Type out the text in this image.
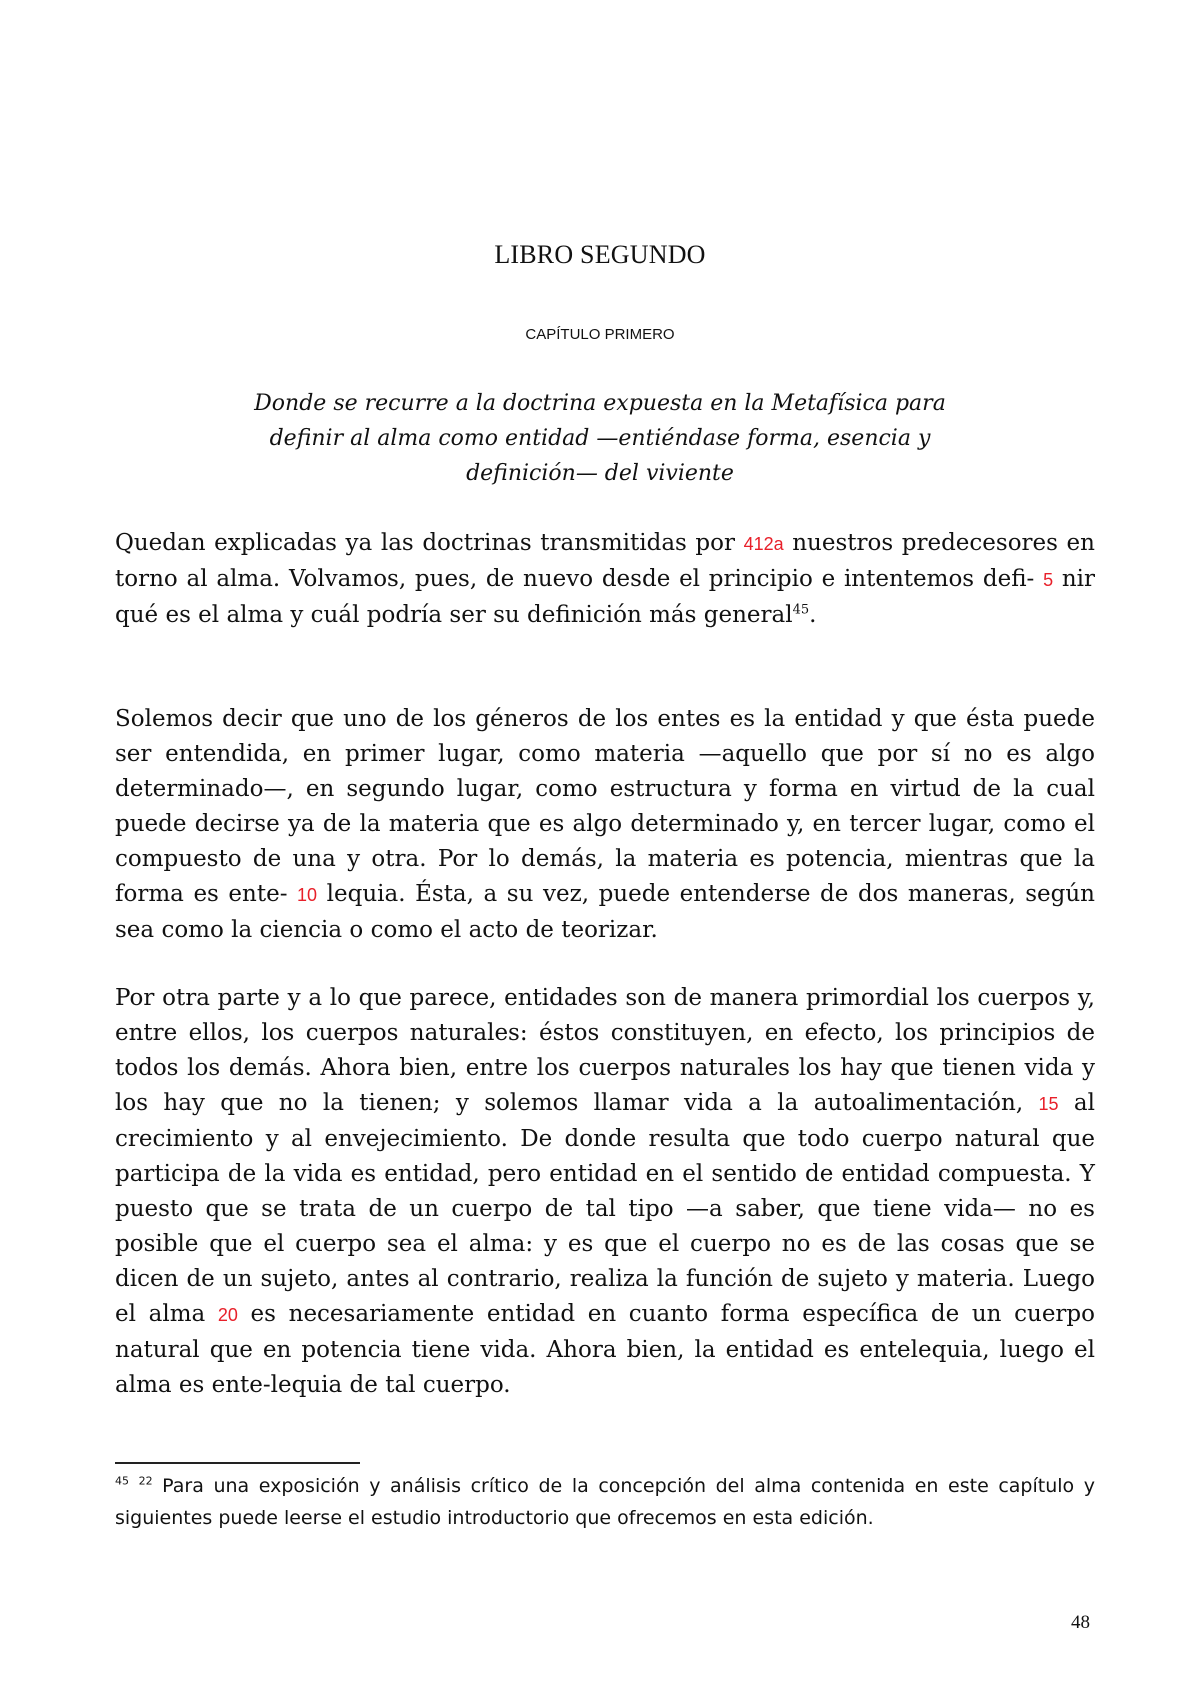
LIBRO SEGUNDO
CAPÍTULO PRIMERO
Donde se recurre a la doctrina expuesta en la Metafísica para
definir al alma como entidad —entiéndase forma, esencia y
definición— del viviente
Quedan explicadas ya las doctrinas transmitidas por 412a nuestros predecesores en torno al alma. Volvamos, pues, de nuevo desde el principio e intentemos defi- 5 nir qué es el alma y cuál podría ser su definición más general$^{45}$.
Solemos decir que uno de los géneros de los entes es la entidad y que ésta puede ser entendida, en primer lugar, como materia —aquello que por sí no es algo determinado—, en segundo lugar, como estructura y forma en virtud de la cual puede decirse ya de la materia que es algo determinado y, en tercer lugar, como el compuesto de una y otra. Por lo demás, la materia es potencia, mientras que la forma es ente- 10 lequia. Ésta, a su vez, puede entenderse de dos maneras, según sea como la ciencia o como el acto de teorizar.
Por otra parte y a lo que parece, entidades son de manera primordial los cuerpos y, entre ellos, los cuerpos naturales: éstos constituyen, en efecto, los principios de todos los demás. Ahora bien, entre los cuerpos naturales los hay que tienen vida y los hay que no la tienen; y solemos llamar vida a la autoalimentación, 15 al crecimiento y al envejecimiento. De donde resulta que todo cuerpo natural que participa de la vida es entidad, pero entidad en el sentido de entidad compuesta. Y puesto que se trata de un cuerpo de tal tipo —a saber, que tiene vida— no es posible que el cuerpo sea el alma: y es que el cuerpo no es de las cosas que se dicen de un sujeto, antes al contrario, realiza la función de sujeto y materia. Luego el alma 20 es necesariamente entidad en cuanto forma específica de un cuerpo natural que en potencia tiene vida. Ahora bien, la entidad es entelequia, luego el alma es ente-lequia de tal cuerpo.
$^{45}$ $^{22}$ Para una exposición y análisis crítico de la concepción del alma contenida en este capítulo y siguientes puede leerse el estudio introductorio que ofrecemos en esta edición.
48
